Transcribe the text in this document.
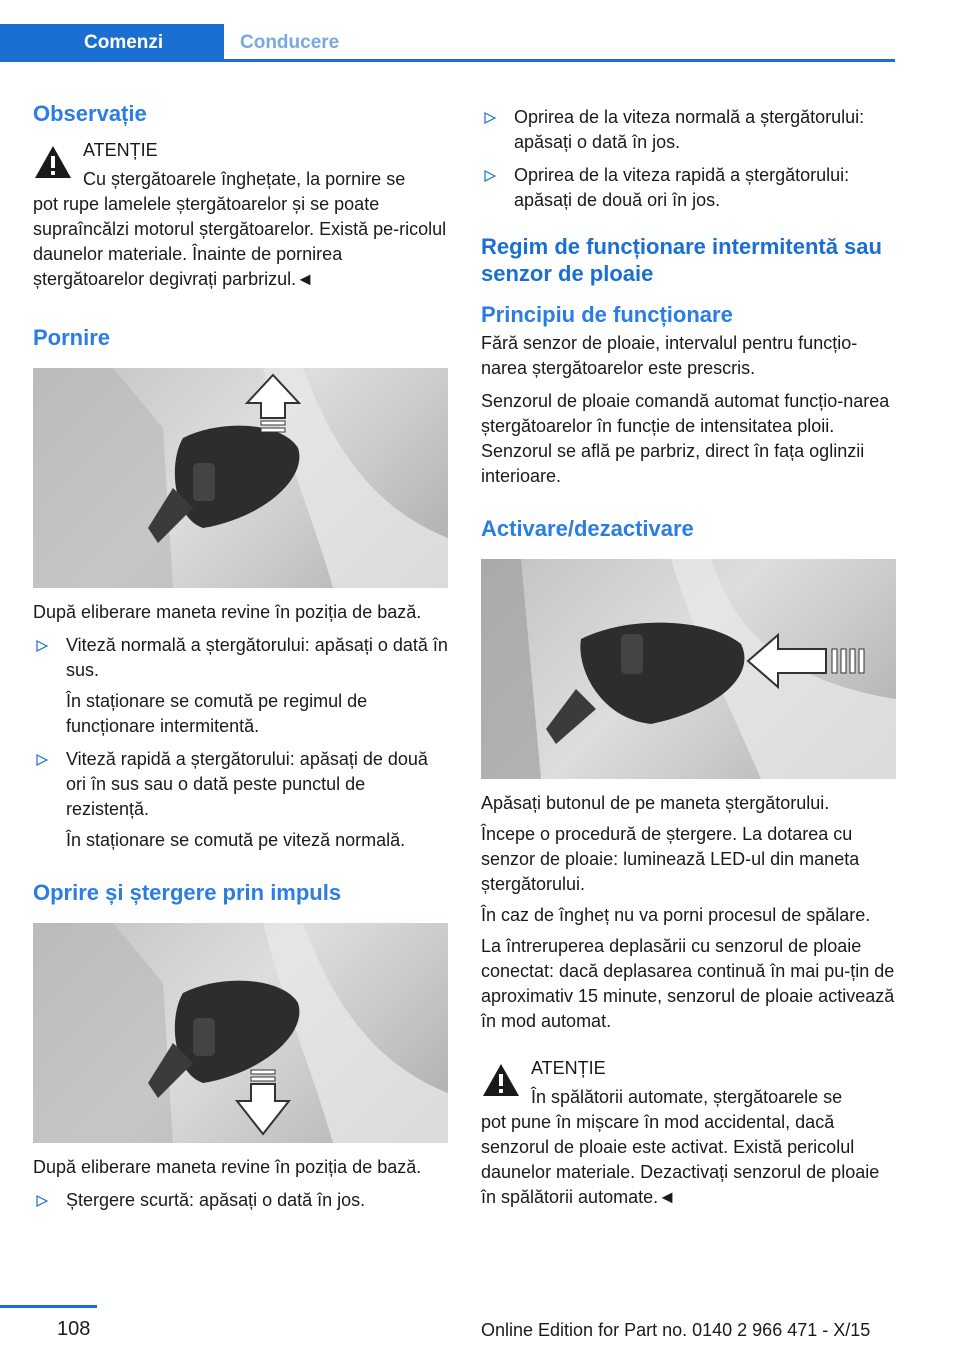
Comenzi	Conducere
Observație
ATENȚIE
Cu ștergătoarele înghețate, la pornire se
pot rupe lamelele ștergătoarelor și se poate supraîncălzi motorul ștergătoarelor. Există pe-ricolul daunelor materiale. Înainte de pornirea ștergătoarelor degivrați parbrizul.◄
Pornire

După eliberare maneta revine în poziția de bază.

Viteză normală a ștergătorului: apăsați o dată în sus.
În staționare se comută pe regimul de funcționare intermitentă.
Viteză rapidă a ștergătorului: apăsați de două ori în sus sau o dată peste punctul de rezistență.
În staționare se comută pe viteză normală.
Oprire și ștergere prin impuls

După eliberare maneta revine în poziția de bază.

Ștergere scurtă: apăsați o dată în jos.
Oprirea de la viteza normală a ștergătorului: apăsați o dată în jos.
Oprirea de la viteza rapidă a ștergătorului: apăsați de două ori în jos.
Regim de funcționare intermitentă sau senzor de ploaie
Principiu de funcționare

Fără senzor de ploaie, intervalul pentru funcțio-narea ștergătoarelor este prescris.

Senzorul de ploaie comandă automat funcțio-narea ștergătoarelor în funcție de intensitatea ploii. Senzorul se află pe parbriz, direct în fața oglinzii interioare.

Activare/dezactivare

Apăsați butonul de pe maneta ștergătorului.

Începe o procedură de ștergere. La dotarea cu senzor de ploaie: luminează LED-ul din maneta ștergătorului.

În caz de îngheț nu va porni procesul de spălare.

La întreruperea deplasării cu senzorul de ploaie conectat: dacă deplasarea continuă în mai pu-țin de aproximativ 15 minute, senzorul de ploaie activează în mod automat.

ATENȚIE
În spălătorii automate, ștergătoarele se
pot pune în mișcare în mod accidental, dacă senzorul de ploaie este activat. Există pericolul daunelor materiale. Dezactivați senzorul de ploaie în spălătorii automate.◄
108	Online Edition for Part no. 0140 2 966 471 - X/15
